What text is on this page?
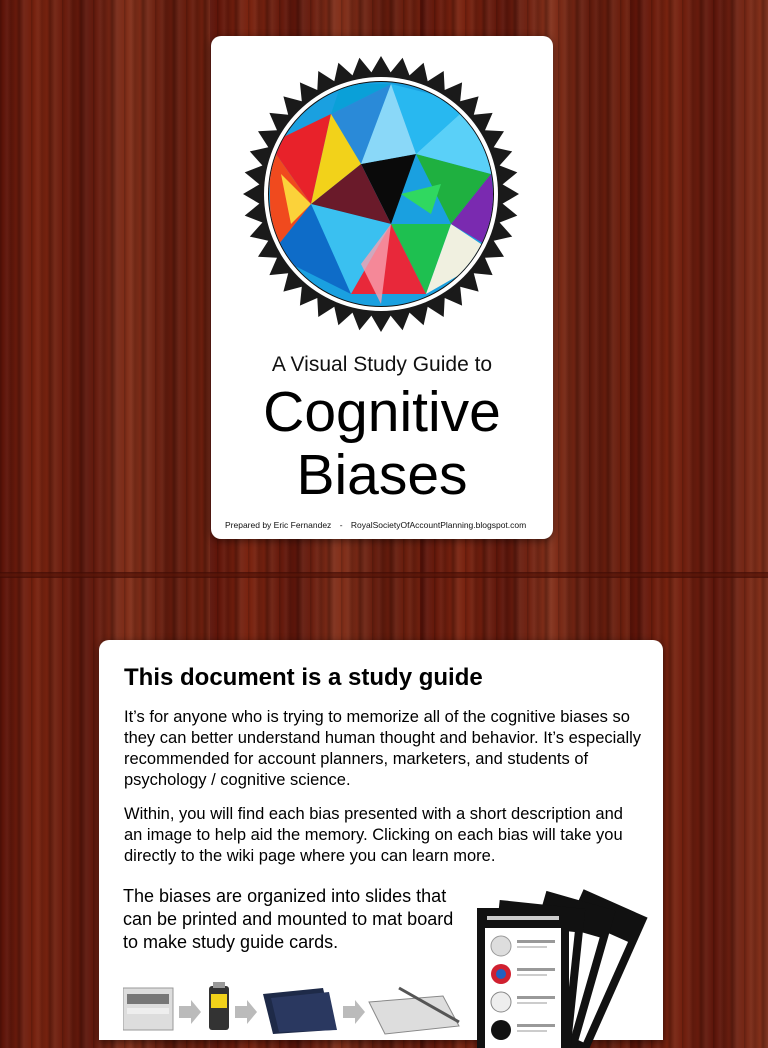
A Visual Study Guide to
Cognitive
Biases
Prepared by Eric Fernandez - RoyalSocietyOfAccountPlanning.blogspot.com
This document is a study guide

It’s for anyone who is trying to memorize all of the cognitive biases so they can better understand human thought and behavior. It’s especially recommended for account planners, marketers, and students of psychology / cognitive science.

Within, you will find each bias presented with a short description and an image to help aid the memory. Clicking on each bias will take you directly to the wiki page where you can learn more.

The biases are organized into slides that can be printed and mounted to mat board to make study guide cards.
